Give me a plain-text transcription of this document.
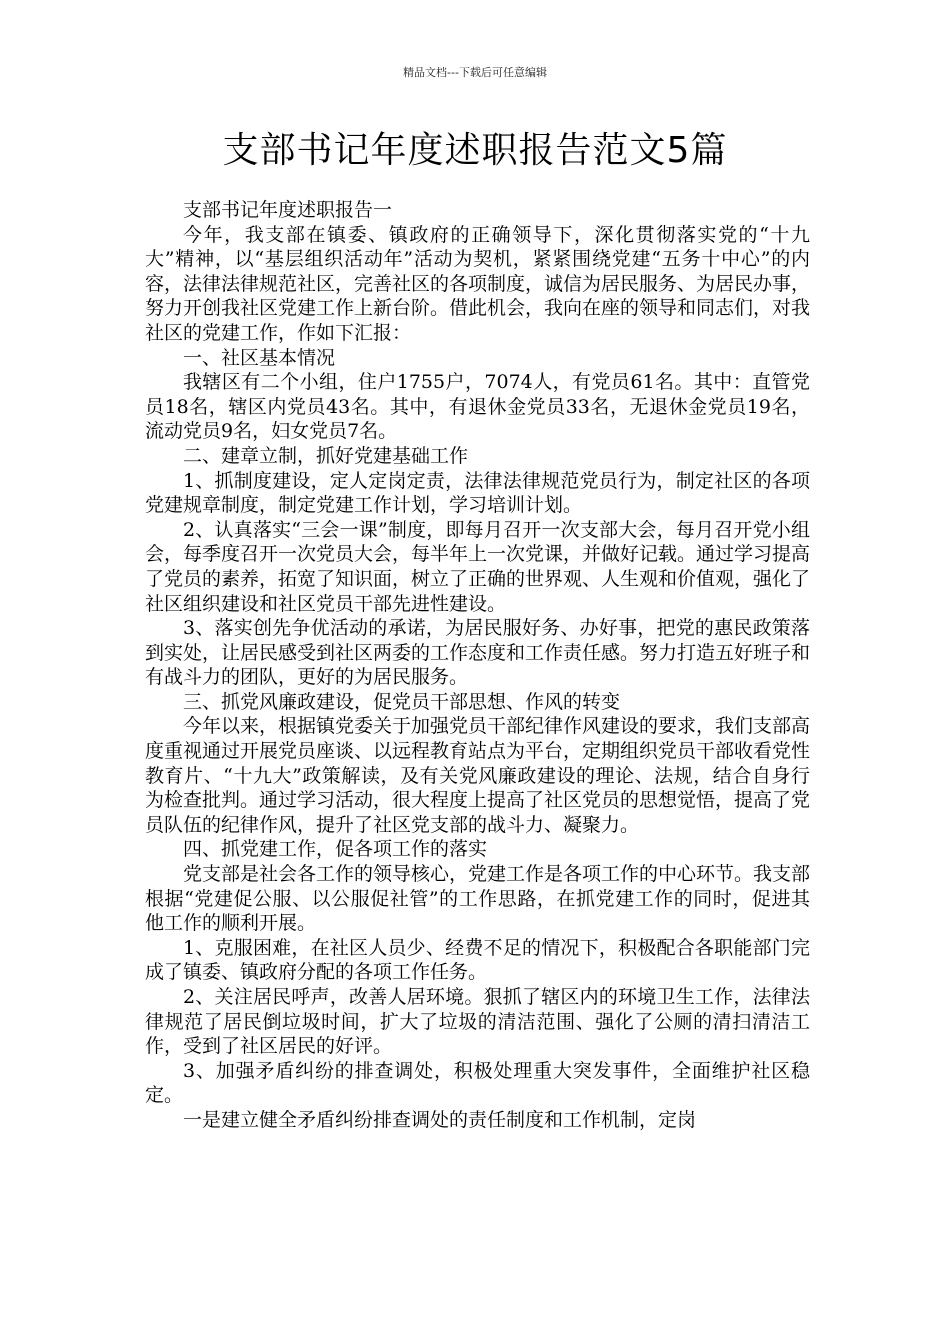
精品文档---下载后可任意编辑
支部书记年度述职报告范文5篇

支部书记年度述职报告一

今年，我支部在镇委、镇政府的正确领导下，深化贯彻落实党的“十九大”精神，以“基层组织活动年”活动为契机，紧紧围绕党建“五务十中心”的内容，法律法律规范社区，完善社区的各项制度，诚信为居民服务、为居民办事，努力开创我社区党建工作上新台阶。借此机会，我向在座的领导和同志们，对我社区的党建工作，作如下汇报：

一、社区基本情况

我辖区有二个小组，住户1755户，7074人，有党员61名。其中：直管党员18名，辖区内党员43名。其中，有退休金党员33名，无退休金党员19名，流动党员9名，妇女党员7名。

二、建章立制，抓好党建基础工作

1、抓制度建设，定人定岗定责，法律法律规范党员行为，制定社区的各项党建规章制度，制定党建工作计划，学习培训计划。

2、认真落实“三会一课”制度，即每月召开一次支部大会，每月召开党小组会，每季度召开一次党员大会，每半年上一次党课，并做好记载。通过学习提高了党员的素养，拓宽了知识面，树立了正确的世界观、人生观和价值观，强化了社区组织建设和社区党员干部先进性建设。

3、落实创先争优活动的承诺，为居民服好务、办好事，把党的惠民政策落到实处，让居民感受到社区两委的工作态度和工作责任感。努力打造五好班子和有战斗力的团队，更好的为居民服务。

三、抓党风廉政建设，促党员干部思想、作风的转变

今年以来，根据镇党委关于加强党员干部纪律作风建设的要求，我们支部高度重视通过开展党员座谈、以远程教育站点为平台，定期组织党员干部收看党性教育片、“十九大”政策解读，及有关党风廉政建设的理论、法规，结合自身行为检查批判。通过学习活动，很大程度上提高了社区党员的思想觉悟，提高了党员队伍的纪律作风，提升了社区党支部的战斗力、凝聚力。

四、抓党建工作，促各项工作的落实

党支部是社会各工作的领导核心，党建工作是各项工作的中心环节。我支部根据“党建促公服、以公服促社管”的工作思路，在抓党建工作的同时，促进其他工作的顺利开展。

1、克服困难，在社区人员少、经费不足的情况下，积极配合各职能部门完成了镇委、镇政府分配的各项工作任务。

2、关注居民呼声，改善人居环境。狠抓了辖区内的环境卫生工作，法律法律规范了居民倒垃圾时间，扩大了垃圾的清洁范围、强化了公厕的清扫清洁工作，受到了社区居民的好评。

3、加强矛盾纠纷的排查调处，积极处理重大突发事件，全面维护社区稳定。

一是建立健全矛盾纠纷排查调处的责任制度和工作机制，定岗
